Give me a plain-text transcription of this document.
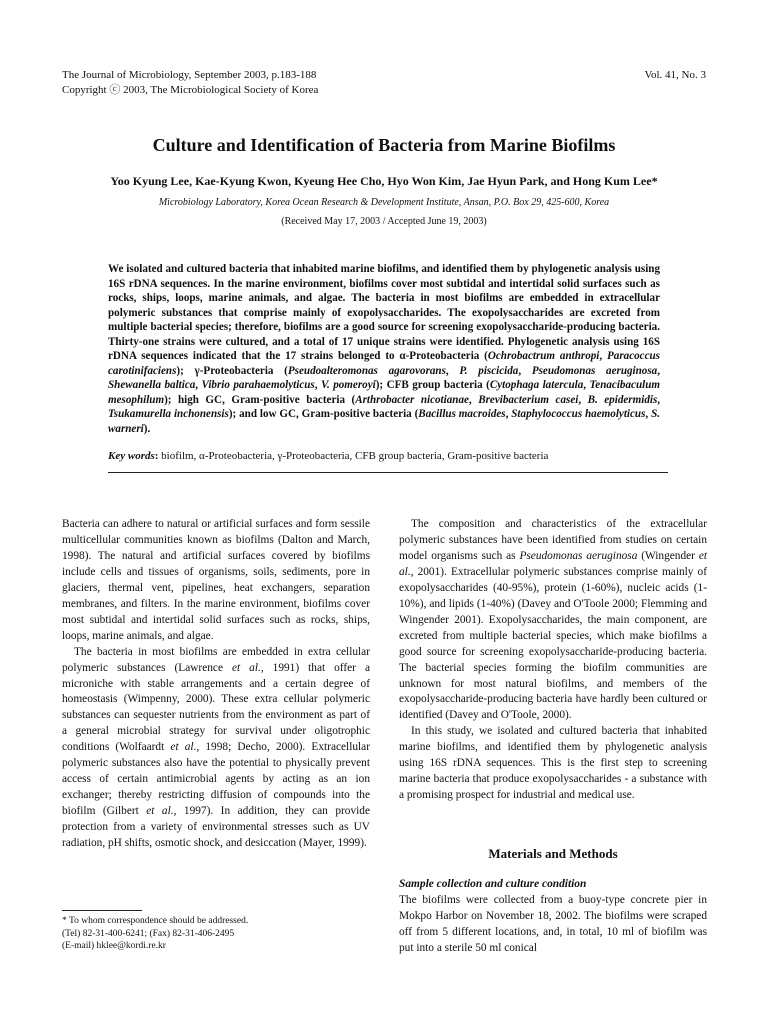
The Journal of Microbiology, September 2003, p.183-188
Copyright ⓒ 2003, The Microbiological Society of Korea
Vol. 41, No. 3
Culture and Identification of Bacteria from Marine Biofilms
Yoo Kyung Lee, Kae-Kyung Kwon, Kyeung Hee Cho, Hyo Won Kim, Jae Hyun Park, and Hong Kum Lee*
Microbiology Laboratory, Korea Ocean Research & Development Institute, Ansan, P.O. Box 29, 425-600, Korea
(Received May 17, 2003 / Accepted June 19, 2003)
We isolated and cultured bacteria that inhabited marine biofilms, and identified them by phylogenetic analysis using 16S rDNA sequences. In the marine environment, biofilms cover most subtidal and intertidal solid surfaces such as rocks, ships, loops, marine animals, and algae. The bacteria in most biofilms are embedded in extracellular polymeric substances that comprise mainly of exopolysaccharides. The exopolysaccharides are excreted from multiple bacterial species; therefore, biofilms are a good source for screening exopolysaccharide-producing bacteria. Thirty-one strains were cultured, and a total of 17 unique strains were identified. Phylogenetic analysis using 16S rDNA sequences indicated that the 17 strains belonged to α-Proteobacteria (Ochrobactrum anthropi, Paracoccus carotinifaciens); γ-Proteobacteria (Pseudoalteromonas agarovorans, P. piscicida, Pseudomonas aeruginosa, Shewanella baltica, Vibrio parahaemolyticus, V. pomeroyi); CFB group bacteria (Cytophaga latercula, Tenacibaculum mesophilum); high GC, Gram-positive bacteria (Arthrobacter nicotianae, Brevibacterium casei, B. epidermidis, Tsukamurella inchonensis); and low GC, Gram-positive bacteria (Bacillus macroides, Staphylococcus haemolyticus, S. warneri).
Key words: biofilm, α-Proteobacteria, γ-Proteobacteria, CFB group bacteria, Gram-positive bacteria

Bacteria can adhere to natural or artificial surfaces and form sessile multicellular communities known as biofilms (Dalton and March, 1998). The natural and artificial surfaces covered by biofilms include cells and tissues of organisms, soils, sediments, pore in glaciers, thermal vent, pipelines, heat exchangers, separation membranes, and filters. In the marine environment, biofilms cover most subtidal and intertidal solid surfaces such as rocks, ships, loops, marine animals, and algae.

The bacteria in most biofilms are embedded in extra cellular polymeric substances (Lawrence et al., 1991) that offer a microniche with stable arrangements and a certain degree of homeostasis (Wimpenny, 2000). These extra cellular polymeric substances can sequester nutrients from the environment as part of a general microbial strategy for survival under oligotrophic conditions (Wolfaardt et al., 1998; Decho, 2000). Extracellular polymeric substances also have the potential to physically prevent access of certain antimicrobial agents by acting as an ion exchanger; thereby restricting diffusion of compounds into the biofilm (Gilbert et al., 1997). In addition, they can provide protection from a variety of environmental stresses such as UV radiation, pH shifts, osmotic shock, and desiccation (Mayer, 1999).

The composition and characteristics of the extracellular polymeric substances have been identified from studies on certain model organisms such as Pseudomonas aeruginosa (Wingender et al., 2001). Extracellular polymeric substances comprise mainly of exopolysaccharides (40-95%), protein (1-60%), nucleic acids (1-10%), and lipids (1-40%) (Davey and O'Toole 2000; Flemming and Wingender 2001). Exopolysaccharides, the main component, are excreted from multiple bacterial species, which make biofilms a good source for screening exopolysaccharide-producing bacteria. The bacterial species forming the biofilm communities are unknown for most natural biofilms, and members of the exopolysaccharide-producing bacteria have hardly been cultured or identified (Davey and O'Toole, 2000).

In this study, we isolated and cultured bacteria that inhabited marine biofilms, and identified them by phylogenetic analysis using 16S rDNA sequences. This is the first step to screening marine bacteria that produce exopolysaccharides - a substance with a promising prospect for industrial and medical use.

Materials and Methods
Sample collection and culture condition
The biofilms were collected from a buoy-type concrete pier in Mokpo Harbor on November 18, 2002. The biofilms were scraped off from 5 different locations, and, in total, 10 ml of biofilm was put into a sterile 50 ml conical
* To whom correspondence should be addressed.
(Tel) 82-31-400-6241; (Fax) 82-31-406-2495
(E-mail) hklee@kordi.re.kr
